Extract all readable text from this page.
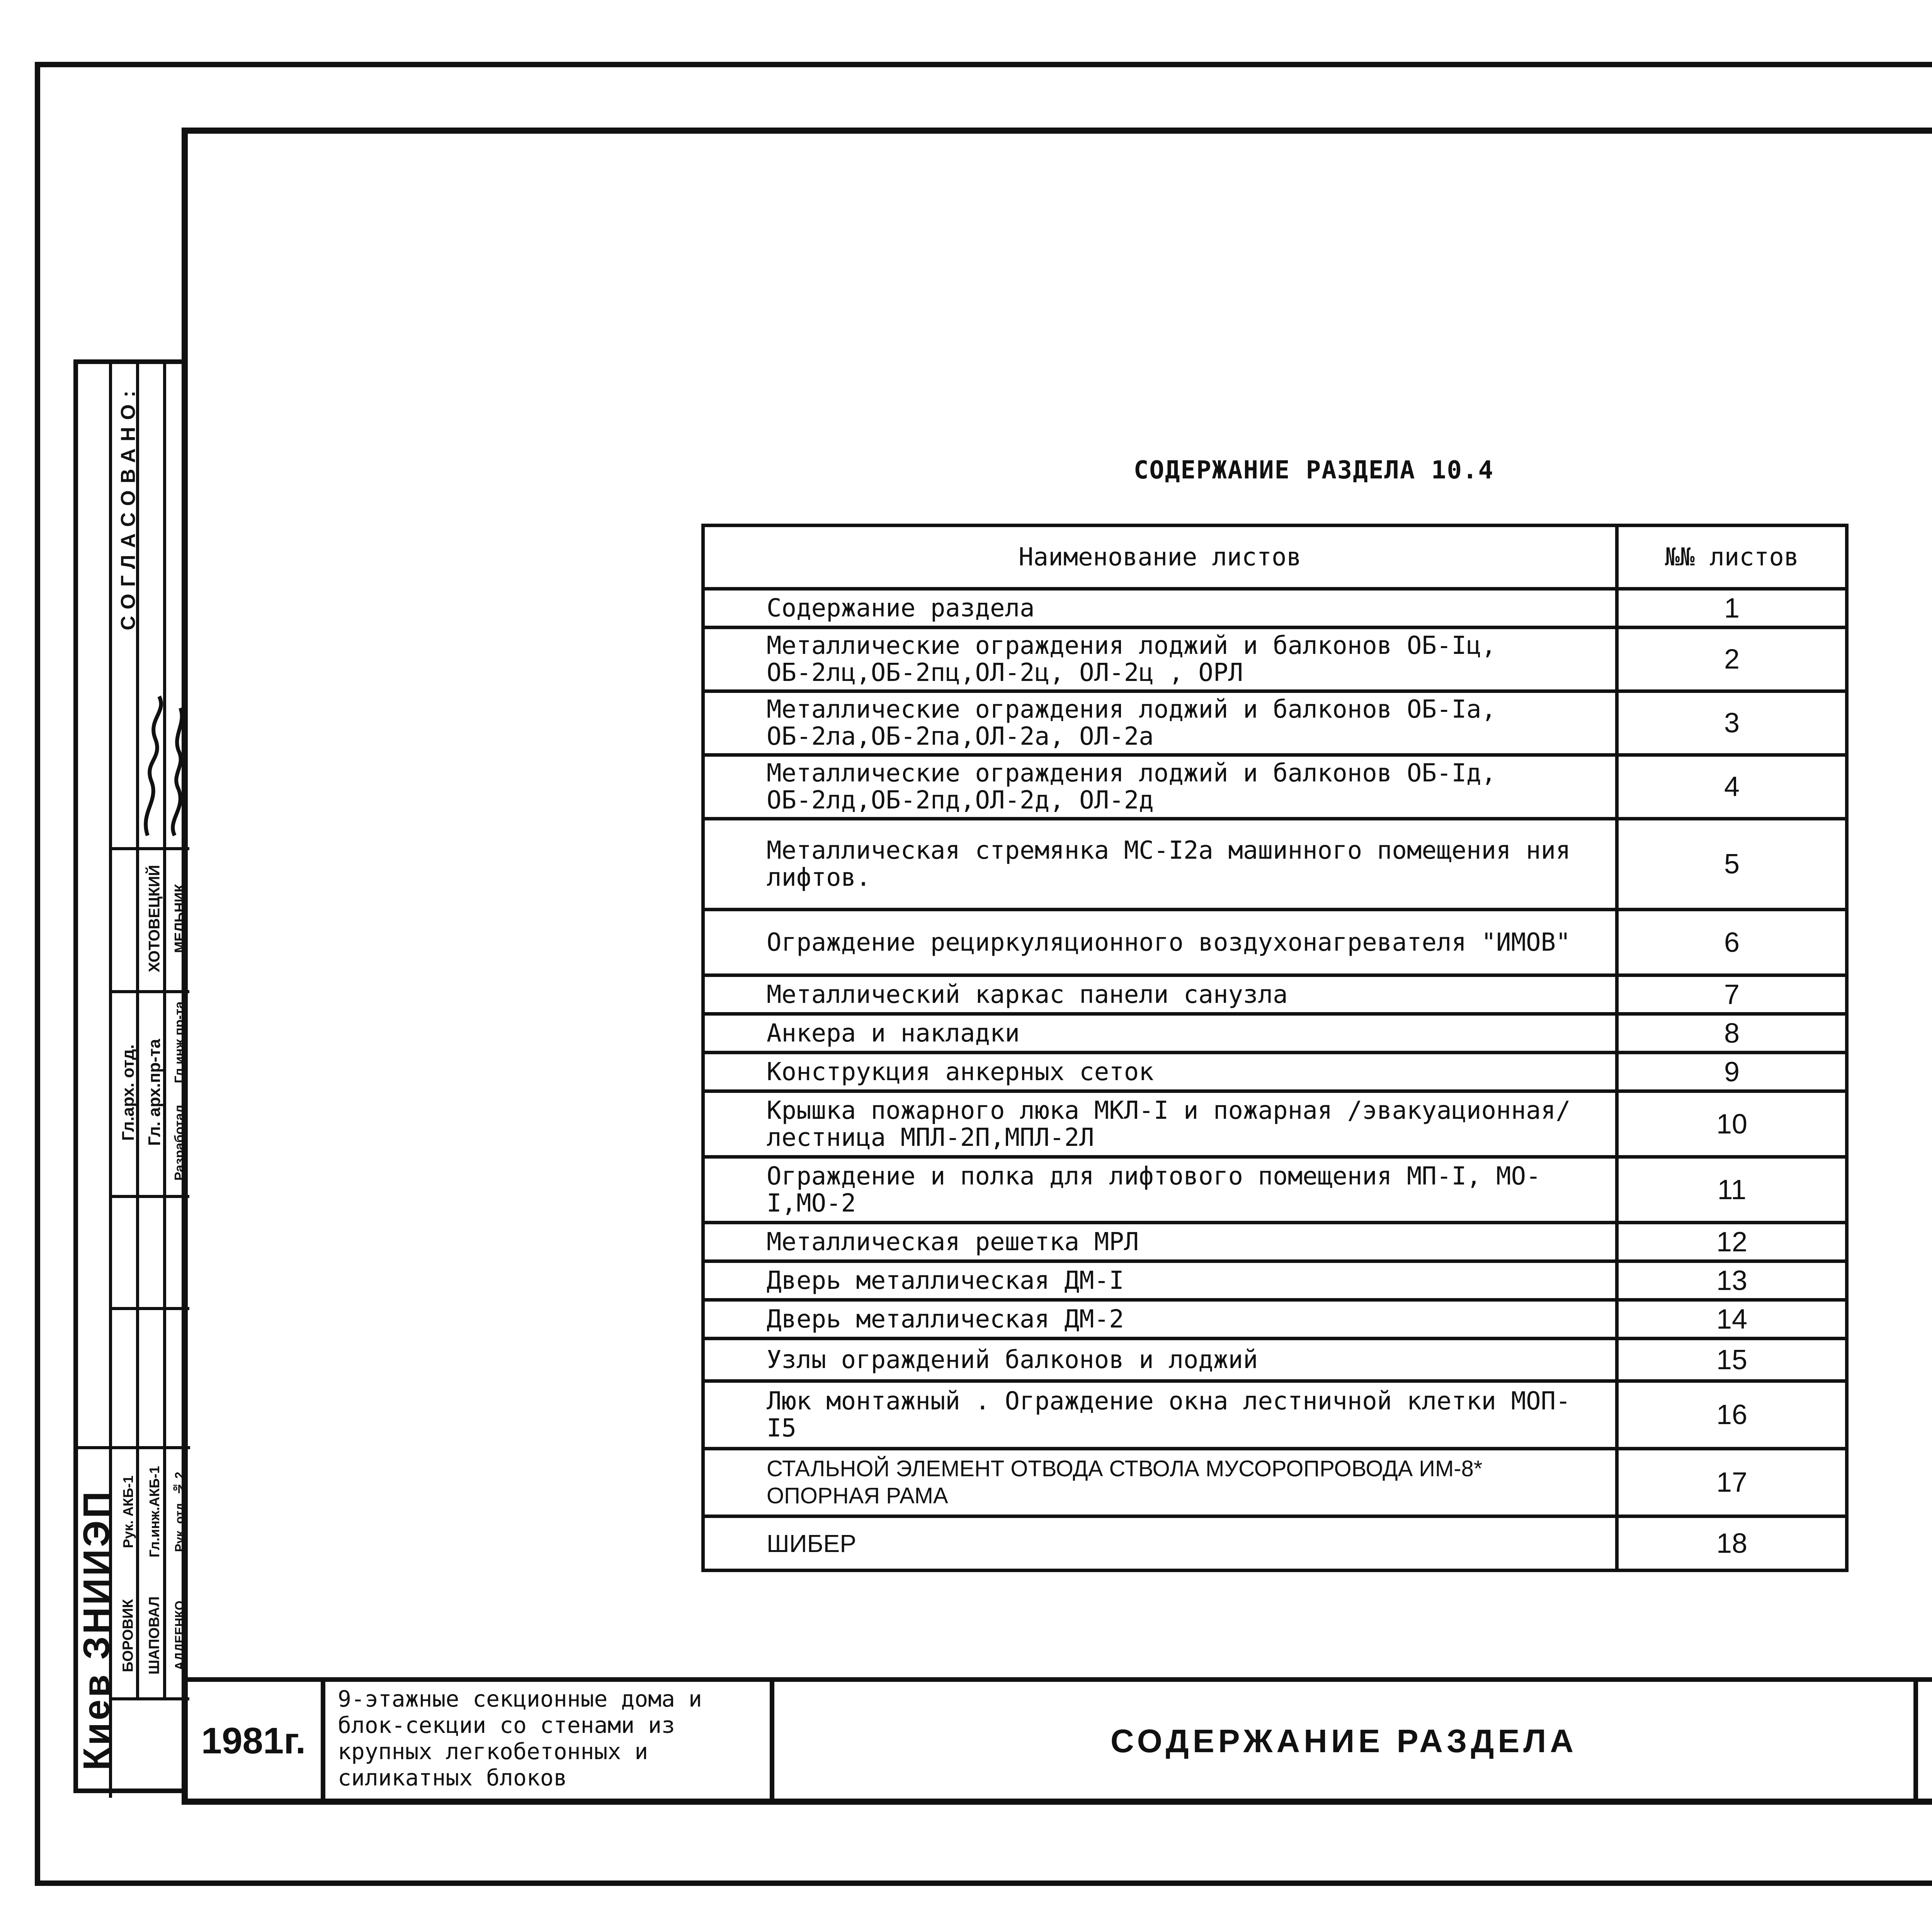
СОГЛАСОВАНО:
Гл.арх. отд. Гл. арх.пр-та Гл.инж.пр-та
Разработал
ХОТОВЕЦКИЙ МЕЛЬНИК
Рук. АКБ-1 Гл.инж.АКБ-1 Рук. отд. № 2
БОРОВИК ШАПОВАЛ АДДЕЕНКО
Киев ЗНИИЭП
СОДЕРЖАНИЕ РАЗДЕЛА 10.4
Наименование листов	№№ листов
Содержание раздела	1
Металлические ограждения лоджий и балконов ОБ-Iц, ОБ-2лц,ОБ-2пц,ОЛ-2ц, ОЛ-2ц , ОРЛ	2
Металлические ограждения лоджий и балконов ОБ-Iа, ОБ-2ла,ОБ-2па,ОЛ-2а, ОЛ-2а	3
Металлические ограждения лоджий и балконов ОБ-Iд, ОБ-2лд,ОБ-2пд,ОЛ-2д, ОЛ-2д	4
Металлическая стремянка МС-I2а машинного помещения ния лифтов.	5
Ограждение рециркуляционного воздухонагревателя "ИМОВ"	6
Металлический каркас панели санузла	7
Анкера и накладки	8
Конструкция анкерных сеток	9
Крышка пожарного люка МКЛ-I и пожарная /эвакуационная/ лестница МПЛ-2П,МПЛ-2Л	10
Ограждение и полка для лифтового помещения МП-I, МО-I,МО-2	11
Металлическая решетка МРЛ	12
Дверь металлическая ДМ-I	13
Дверь металлическая ДМ-2	14
Узлы ограждений балконов и лоджий	15
Люк монтажный . Ограждение окна лестничной клетки МОП-I5	16
СТАЛЬНОЙ ЭЛЕМЕНТ ОТВОДА СТВОЛА МУСОРОПРОВОДА ИМ-8* ОПОРНАЯ РАМА	17
ШИБЕР	18
1981г.
9-этажные секционные дома и блок-секции со стенами из крупных легкобетонных и силикатных блоков
СОДЕРЖАНИЕ РАЗДЕЛА
